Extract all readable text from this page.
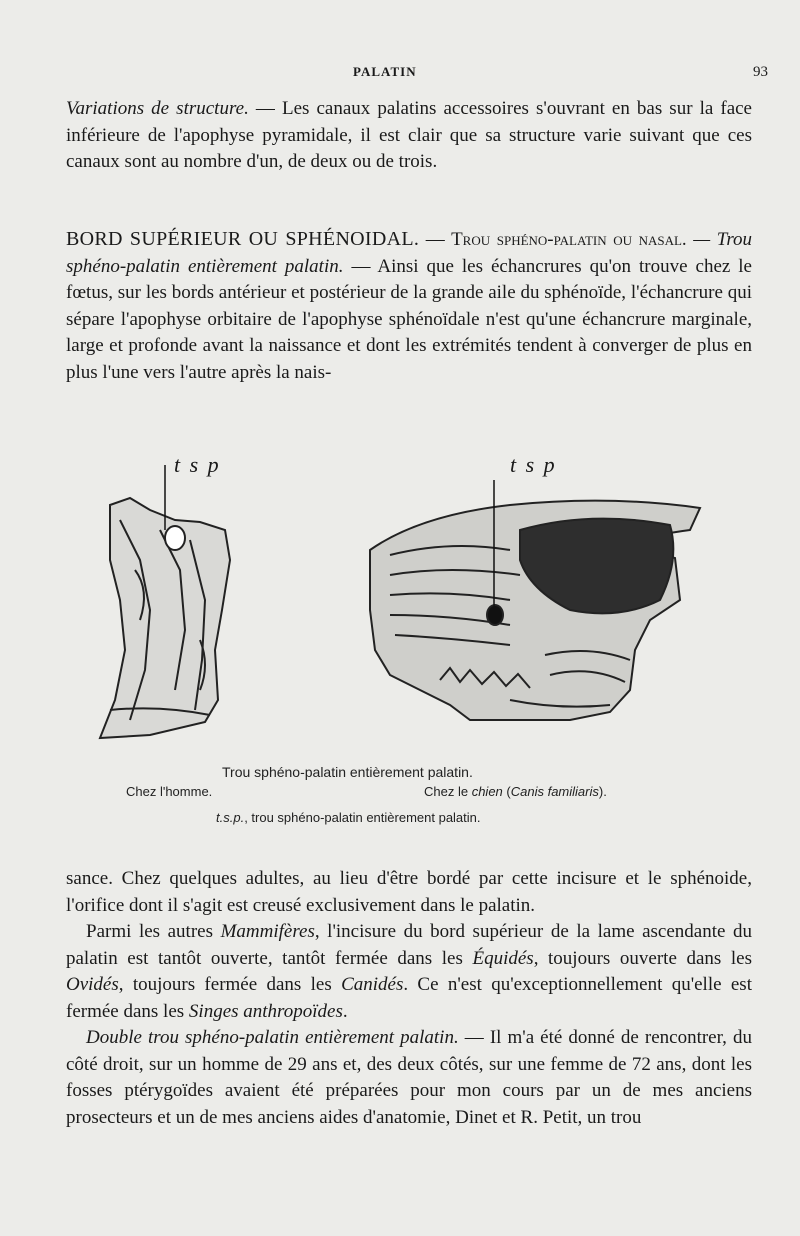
PALATIN	93

Variations de structure. — Les canaux palatins accessoires s'ouvrant en bas sur la face inférieure de l'apophyse pyramidale, il est clair que sa structure varie suivant que ces canaux sont au nombre d'un, de deux ou de trois.

BORD SUPÉRIEUR OU SPHÉNOIDAL. — Trou sphéno-palatin ou nasal. — Trou sphéno-palatin entièrement palatin. — Ainsi que les échancrures qu'on trouve chez le fœtus, sur les bords antérieur et postérieur de la grande aile du sphénoïde, l'échancrure qui sépare l'apophyse orbitaire de l'apophyse sphénoïdale n'est qu'une échancrure marginale, large et profonde avant la naissance et dont les extrémités tendent à converger de plus en plus l'une vers l'autre après la nais-

t s p	t s p
Trou sphéno-palatin entièrement palatin.
Chez l'homme.	Chez le chien (Canis familiaris).
t.s.p., trou sphéno-palatin entièrement palatin.

sance. Chez quelques adultes, au lieu d'être bordé par cette incisure et le sphénoide, l'orifice dont il s'agit est creusé exclusivement dans le palatin.

Parmi les autres Mammifères, l'incisure du bord supérieur de la lame ascendante du palatin est tantôt ouverte, tantôt fermée dans les Équidés, toujours ouverte dans les Ovidés, toujours fermée dans les Canidés. Ce n'est qu'exceptionnellement qu'elle est fermée dans les Singes anthropoïdes.

Double trou sphéno-palatin entièrement palatin. — Il m'a été donné de rencontrer, du côté droit, sur un homme de 29 ans et, des deux côtés, sur une femme de 72 ans, dont les fosses ptérygoïdes avaient été préparées pour mon cours par un de mes anciens prosecteurs et un de mes anciens aides d'anatomie, Dinet et R. Petit, un trou
